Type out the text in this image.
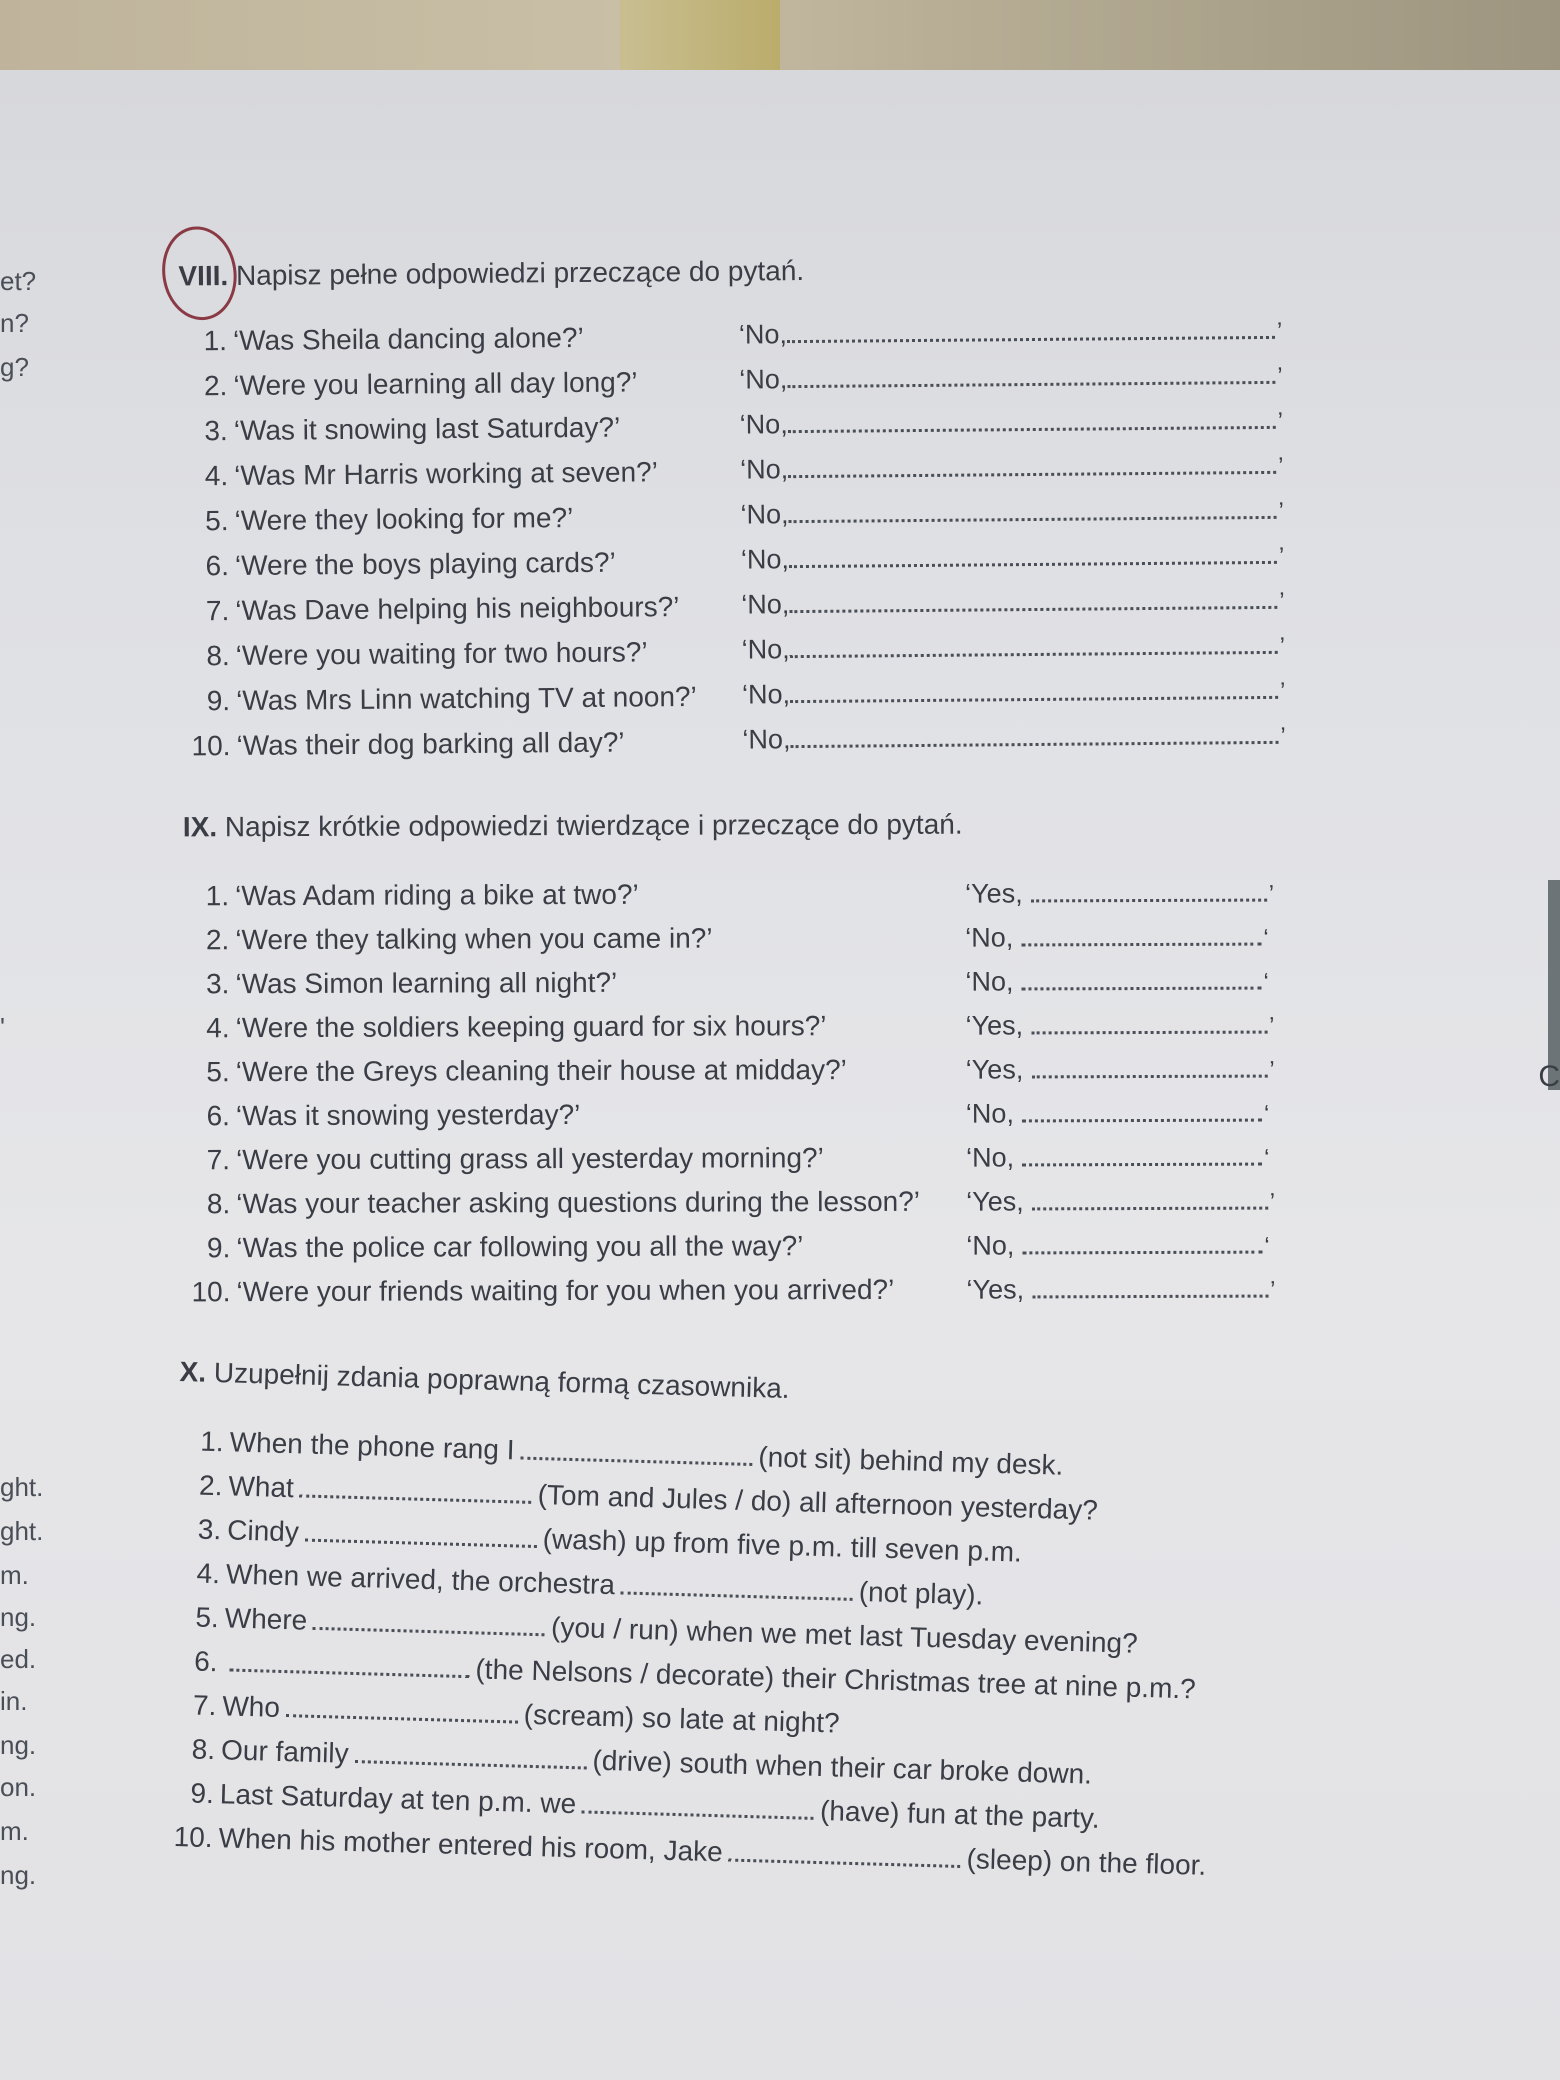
C
et?
n?
g?
'
ght.
ght.
m.
ng.
ed.
in.
ng.
on.
m.
ng.
VIII. Napisz pełne odpowiedzi przeczące do pytań.
1. ‘Was Sheila dancing alone?’	‘No,	’
2. ‘Were you learning all day long?’	‘No,	’
3. ‘Was it snowing last Saturday?’	‘No,	’
4. ‘Was Mr Harris working at seven?’	‘No,	’
5. ‘Were they looking for me?’	‘No,	’
6. ‘Were the boys playing cards?’	‘No,	’
7. ‘Was Dave helping his neighbours?’ ‘No,	’
8. ‘Were you waiting for two hours?’	‘No,	’
9. ‘Was Mrs Linn watching TV at noon?’ ‘No,	’
10. ‘Was their dog barking all day?’	‘No,	’
IX. Napisz krótkie odpowiedzi twierdzące i przeczące do pytań.
1. ‘Was Adam riding a bike at two?’	‘Yes,	’
2. ‘Were they talking when you came in?’	‘No,	‘
3. ‘Was Simon learning all night?’	‘No,	‘
4. ‘Were the soldiers keeping guard for six hours?’	‘Yes,	’
5. ‘Were the Greys cleaning their house at midday?’	‘Yes,	’
6. ‘Was it snowing yesterday?’	‘No,	‘
7. ‘Were you cutting grass all yesterday morning?’	‘No,	‘
8. ‘Was your teacher asking questions during the lesson?’ ‘Yes,	’
9. ‘Was the police car following you all the way?’	‘No,	‘
10. ‘Were your friends waiting for you when you arrived?’	‘Yes,	’
X. Uzupełnij zdania poprawną formą czasownika.
1. When the phone rang I	(not sit) behind my desk.
2. What	(Tom and Jules / do) all afternoon yesterday?
3. Cindy	(wash) up from five p.m. till seven p.m.
4. When we arrived, the orchestra	(not play).
5. Where	(you / run) when we met last Tuesday evening?
6.	(the Nelsons / decorate) their Christmas tree at nine p.m.?
7. Who	(scream) so late at night?
8. Our family	(drive) south when their car broke down.
9. Last Saturday at ten p.m. we	(have) fun at the party.
10. When his mother entered his room, Jake	(sleep) on the floor.
